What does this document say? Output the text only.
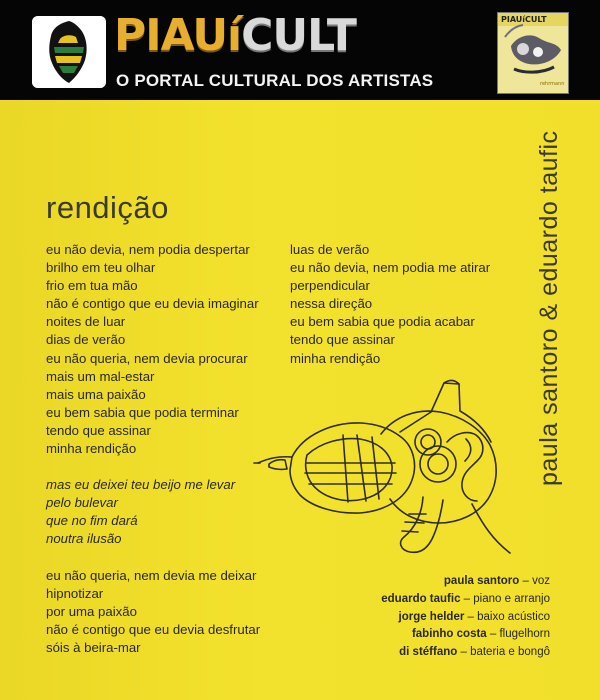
PIAUíCULT
O PORTAL CULTURAL DOS ARTISTAS
PIAUíCULT
rehrmann
rendição
eu não devia, nem podia despertar
brilho em teu olhar
frio em tua mão
não é contigo que eu devia imaginar
noites de luar
dias de verão
eu não queria, nem devia procurar
mais um mal-estar
mais uma paixão
eu bem sabia que podia terminar
tendo que assinar
minha rendição
mas eu deixei teu beijo me levar
pelo bulevar
que no fim dará
noutra ilusão
eu não queria, nem devia me deixar
hipnotizar
por uma paixão
não é contigo que eu devia desfrutar
sóis à beira-mar
luas de verão
eu não devia, nem podia me atirar
perpendicular
nessa direção
eu bem sabia que podia acabar
tendo que assinar
minha rendição	paula santoro & eduardo taufic
paula santoro – voz
eduardo taufic – piano e arranjo
jorge helder – baixo acústico
fabinho costa – flugelhorn
di stéffano – bateria e bongô
